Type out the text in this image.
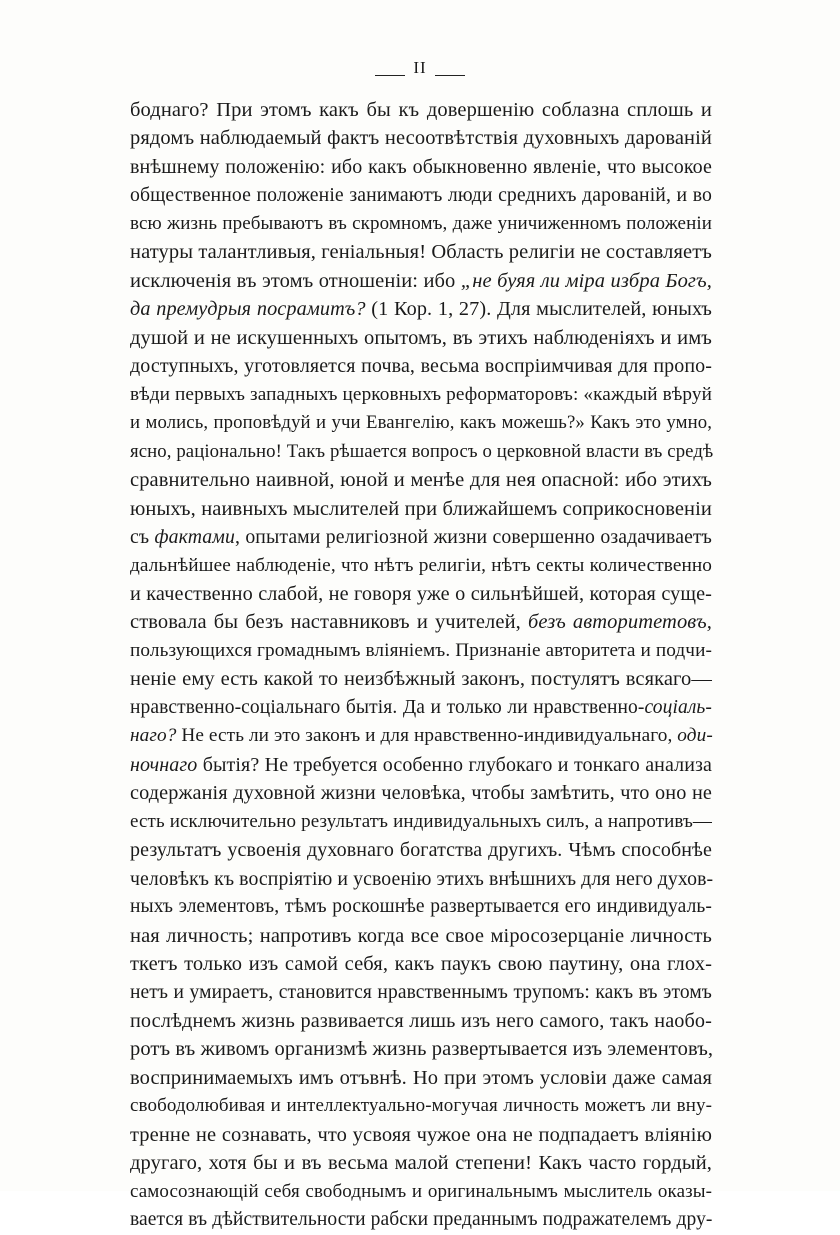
II
боднаго? При этомъ какъ бы къ довершенію соблазна сплошь и
рядомъ наблюдаемый фактъ несоотвѣтствія духовныхъ дарованій
внѣшнему положенію: ибо какъ обыкновенно явленіе, что высокое
общественное положеніе занимаютъ люди среднихъ дарованій, и во
всю жизнь пребываютъ въ скромномъ, даже уничиженномъ положеніи
натуры талантливыя, геніальныя! Область религіи не составляетъ
исключенія въ этомъ отношеніи: ибо „не буяя ли міра избра Богъ,
да премудрыя посрамитъ? (1 Кор. 1, 27). Для мыслителей, юныхъ
душой и не искушенныхъ опытомъ, въ этихъ наблюденіяхъ и имъ
доступныхъ, уготовляется почва, весьма воспріимчивая для пропо-
вѣди первыхъ западныхъ церковныхъ реформаторовъ: «каждый вѣруй
и молись, проповѣдуй и учи Евангелію, какъ можешь?» Какъ это умно,
ясно, раціонально! Такъ рѣшается вопросъ о церковной власти въ средѣ
сравнительно наивной, юной и менѣе для нея опасной: ибо этихъ
юныхъ, наивныхъ мыслителей при ближайшемъ соприкосновеніи
съ фактами, опытами религіозной жизни совершенно озадачиваетъ
дальнѣйшее наблюденіе, что нѣтъ религіи, нѣтъ секты количественно
и качественно слабой, не говоря уже о сильнѣйшей, которая суще-
ствовала бы безъ наставниковъ и учителей, безъ авторитетовъ,
пользующихся громаднымъ вліяніемъ. Признаніе авторитета и подчи-
неніе ему есть какой то неизбѣжный законъ, постулятъ всякаго—
нравственно-соціальнаго бытія. Да и только ли нравственно-соціаль-
наго? Не есть ли это законъ и для нравственно-индивидуальнаго, оди-
ночнаго бытія? Не требуется особенно глубокаго и тонкаго анализа
содержанія духовной жизни человѣка, чтобы замѣтить, что оно не
есть исключительно результатъ индивидуальныхъ силъ, а напротивъ—
результатъ усвоенія духовнаго богатства другихъ. Чѣмъ способнѣе
человѣкъ къ воспріятію и усвоенію этихъ внѣшнихъ для него духов-
ныхъ элементовъ, тѣмъ роскошнѣе развертывается его индивидуаль-
ная личность; напротивъ когда все свое міросозерцаніе личность
ткетъ только изъ самой себя, какъ паукъ свою паутину, она глох-
нетъ и умираетъ, становится нравственнымъ трупомъ: какъ въ этомъ
послѣднемъ жизнь развивается лишь изъ него самого, такъ наобо-
ротъ въ живомъ организмѣ жизнь развертывается изъ элементовъ,
воспринимаемыхъ имъ отъвнѣ. Но при этомъ условіи даже самая
свободолюбивая и интеллектуально-могучая личность можетъ ли вну-
тренне не сознавать, что усвояя чужое она не подпадаетъ вліянію
другаго, хотя бы и въ весьма малой степени! Какъ часто гордый,
самосознающій себя свободнымъ и оригинальнымъ мыслитель оказы-
вается въ дѣйствительности рабски преданнымъ подражателемъ дру-
